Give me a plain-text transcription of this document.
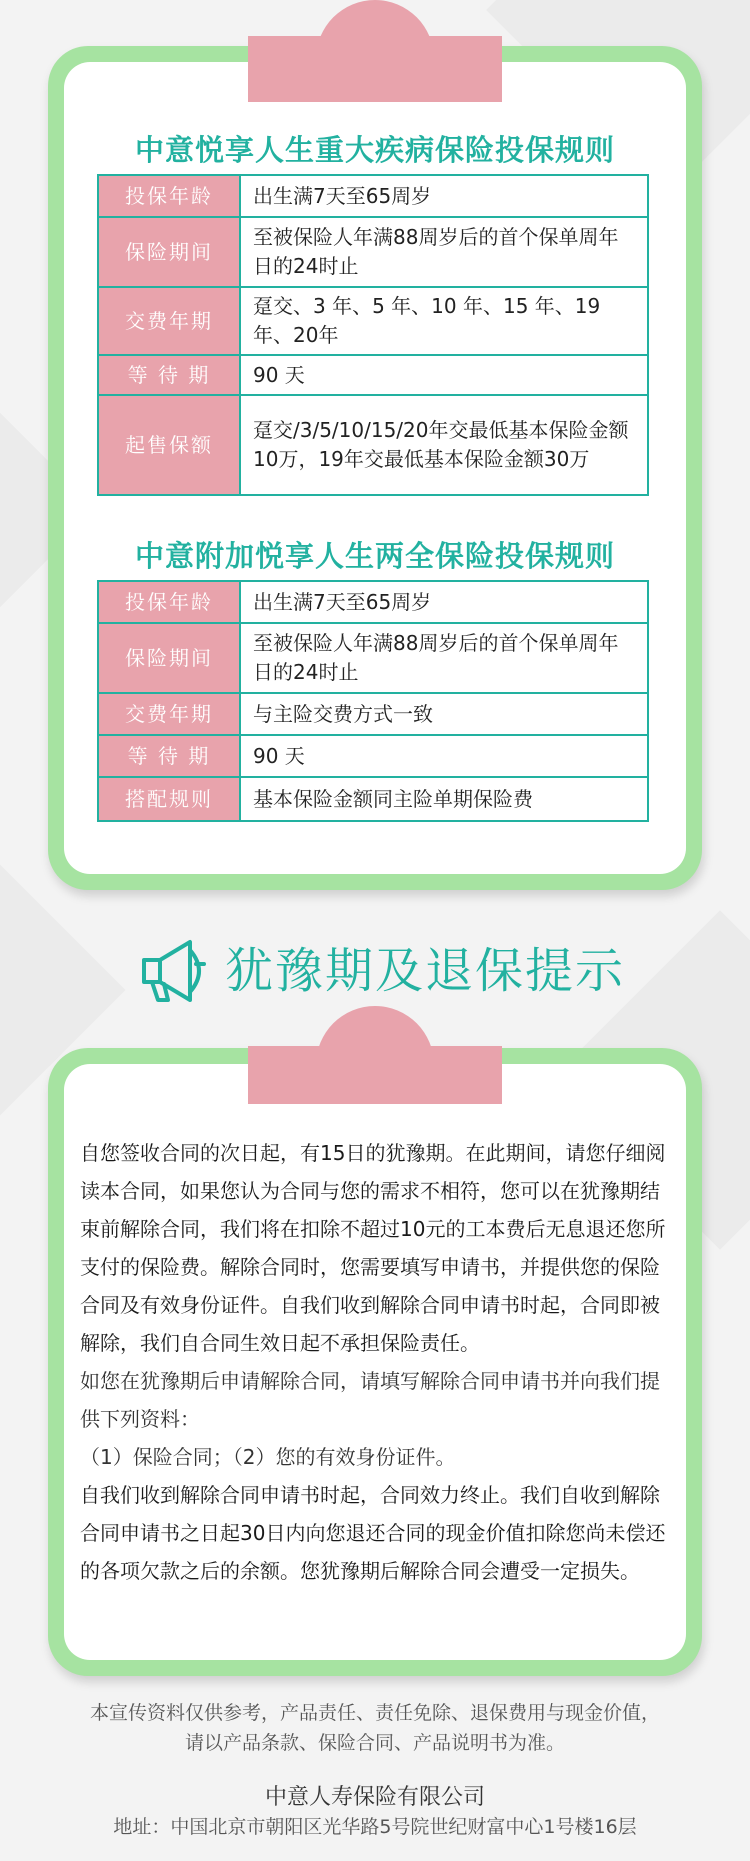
中意悦享人生重大疾病保险投保规则
投保年龄	出生满7天至65周岁
保险期间	至被保险人年满88周岁后的首个保单周年日的24时止
交费年期	趸交、3 年、5 年、10 年、15 年、19年、20年
等 待 期	90 天
起售保额	趸交/3/5/10/15/20年交最低基本保险金额10万，19年交最低基本保险金额30万
中意附加悦享人生两全保险投保规则
投保年龄	出生满7天至65周岁
保险期间	至被保险人年满88周岁后的首个保单周年日的24时止
交费年期	与主险交费方式一致
等 待 期	90 天
搭配规则	基本保险金额同主险单期保险费
犹豫期及退保提示

自您签收合同的次日起，有15日的犹豫期。在此期间，请您仔细阅读本合同，如果您认为合同与您的需求不相符，您可以在犹豫期结束前解除合同，我们将在扣除不超过10元的工本费后无息退还您所支付的保险费。解除合同时，您需要填写申请书，并提供您的保险合同及有效身份证件。自我们收到解除合同申请书时起，合同即被解除，我们自合同生效日起不承担保险责任。

如您在犹豫期后申请解除合同，请填写解除合同申请书并向我们提供下列资料：

（1）保险合同；（2）您的有效身份证件。

自我们收到解除合同申请书时起，合同效力终止。我们自收到解除合同申请书之日起30日内向您退还合同的现金价值扣除您尚未偿还的各项欠款之后的余额。您犹豫期后解除合同会遭受一定损失。

本宣传资料仅供参考，产品责任、责任免除、退保费用与现金价值，
请以产品条款、保险合同、产品说明书为准。
中意人寿保险有限公司
地址：中国北京市朝阳区光华路5号院世纪财富中心1号楼16层
